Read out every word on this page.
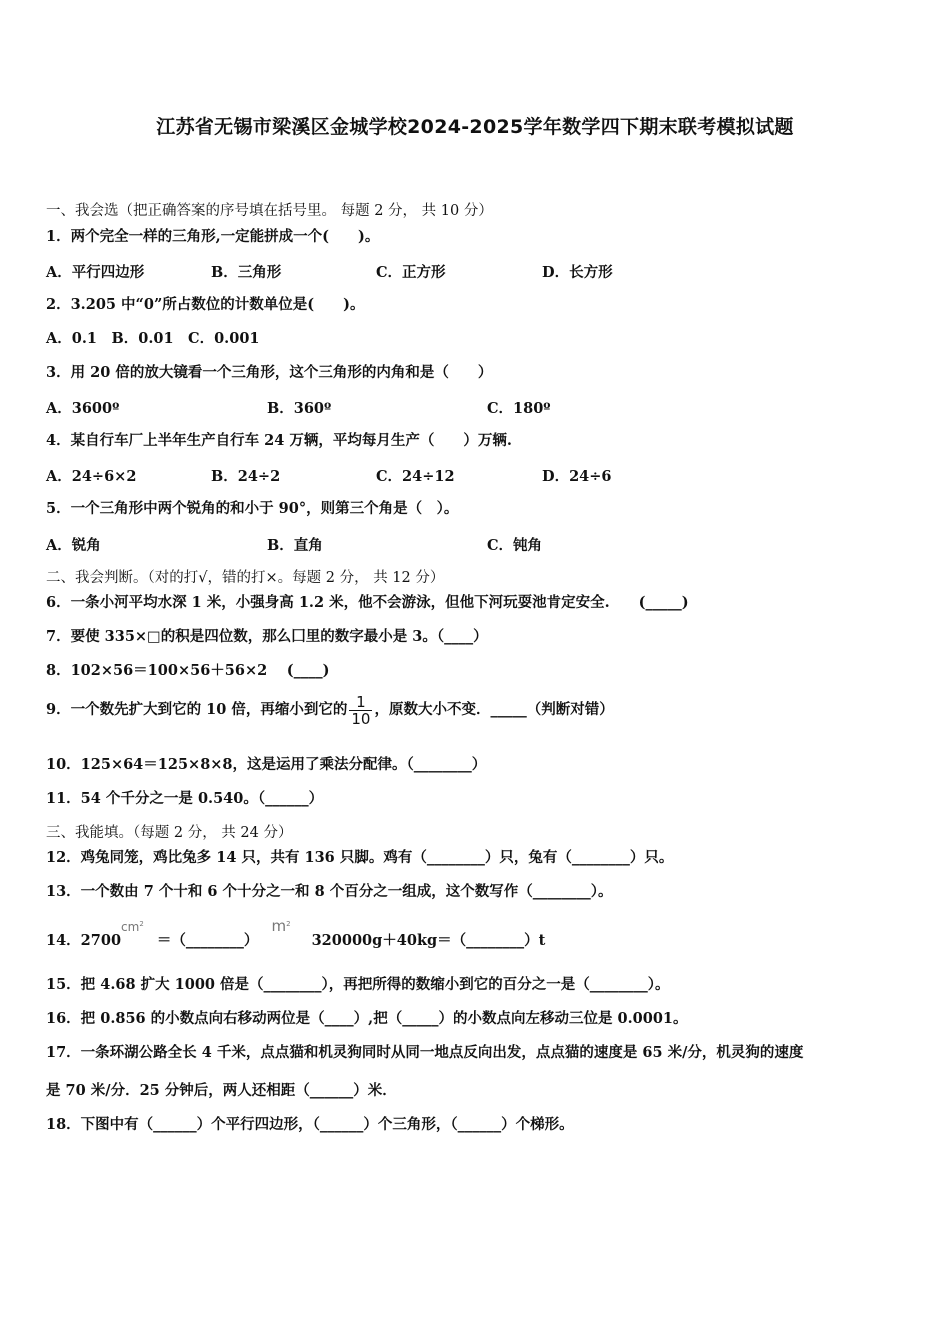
江苏省无锡市梁溪区金城学校2024-2025学年数学四下期末联考模拟试题
一、我会选（把正确答案的序号填在括号里。 每题 2 分， 共 10 分）
1．两个完全一样的三角形,一定能拼成一个(　　)。
A．平行四边形	B．三角形	C．正方形	D．长方形
2．3.205 中“0”所占数位的计数单位是(　　)。
A．0.1　B．0.01　C．0.001
3．用 20 倍的放大镜看一个三角形，这个三角形的内角和是（　　）
A．3600º	B．360º	C．180º
4．某自行车厂上半年生产自行车 24 万辆，平均每月生产（　　）万辆.
A．24÷6×2	B．24÷2	C．24÷12	D．24÷6
5．一个三角形中两个锐角的和小于 90°，则第三个角是（　）。
A．锐角	B．直角	C．钝角
二、我会判断。（对的打√，错的打×。每题 2 分， 共 12 分）
6．一条小河平均水深 1 米，小强身高 1.2 米，他不会游泳，但他下河玩耍池肯定安全.　　(_____)
7．要使 335×□的积是四位数，那么囗里的数字最小是 3。（____）
8．102×56＝100×56＋56×2　 (____)
9．一个数先扩大到它的 10 倍，再缩小到它的 $\frac{1}{10}$ ，原数大小不变．_____（判断对错）
10．125×64＝125×8×8，这是运用了乘法分配律。（________）
11．54 个千分之一是 0.540。（______）
三、我能填。（每题 2 分， 共 24 分）
12．鸡兔同笼，鸡比兔多 14 只，共有 136 只脚。鸡有（________）只，兔有（________）只。
13．一个数由 7 个十和 6 个十分之一和 8 个百分之一组成，这个数写作（________）。
14．$2700cm^2$ ＝（________） $m^2$ 320000g＋40kg＝（________）t
15．把 4.68 扩大 1000 倍是（________），再把所得的数缩小到它的百分之一是（________）。
16．把 0.856 的小数点向右移动两位是（____）,把（_____）的小数点向左移动三位是 0.0001。
17．一条环湖公路全长 4 千米，点点猫和机灵狗同时从同一地点反向出发，点点猫的速度是 65 米/分，机灵狗的速度
是 70 米/分．25 分钟后，两人还相距（______）米．
18．下图中有（______）个平行四边形，（______）个三角形，（______）个梯形。
